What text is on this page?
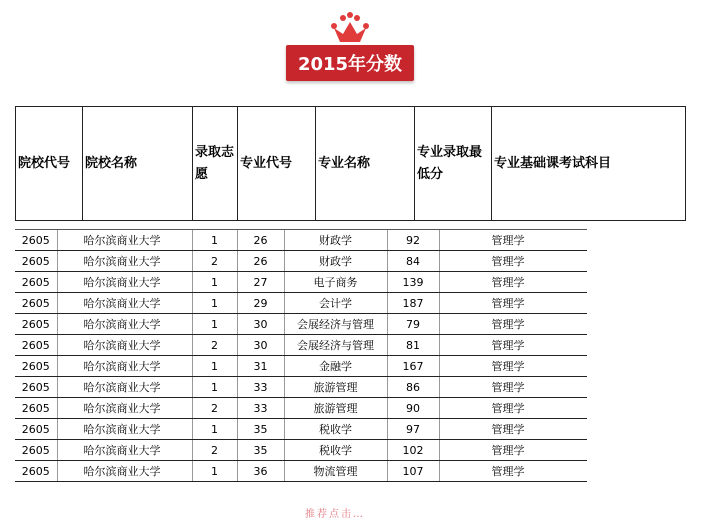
2015年分数
院校代号	院校名称	录取志愿	专业代号	专业名称	专业录取最低分	专业基础课考试科目
2605	哈尔滨商业大学	1	26	财政学	92	管理学
2605	哈尔滨商业大学	2	26	财政学	84	管理学
2605	哈尔滨商业大学	1	27	电子商务	139	管理学
2605	哈尔滨商业大学	1	29	会计学	187	管理学
2605	哈尔滨商业大学	1	30	会展经济与管理	79	管理学
2605	哈尔滨商业大学	2	30	会展经济与管理	81	管理学
2605	哈尔滨商业大学	1	31	金融学	167	管理学
2605	哈尔滨商业大学	1	33	旅游管理	86	管理学
2605	哈尔滨商业大学	2	33	旅游管理	90	管理学
2605	哈尔滨商业大学	1	35	税收学	97	管理学
2605	哈尔滨商业大学	2	35	税收学	102	管理学
2605	哈尔滨商业大学	1	36	物流管理	107	管理学
推荐点击…
